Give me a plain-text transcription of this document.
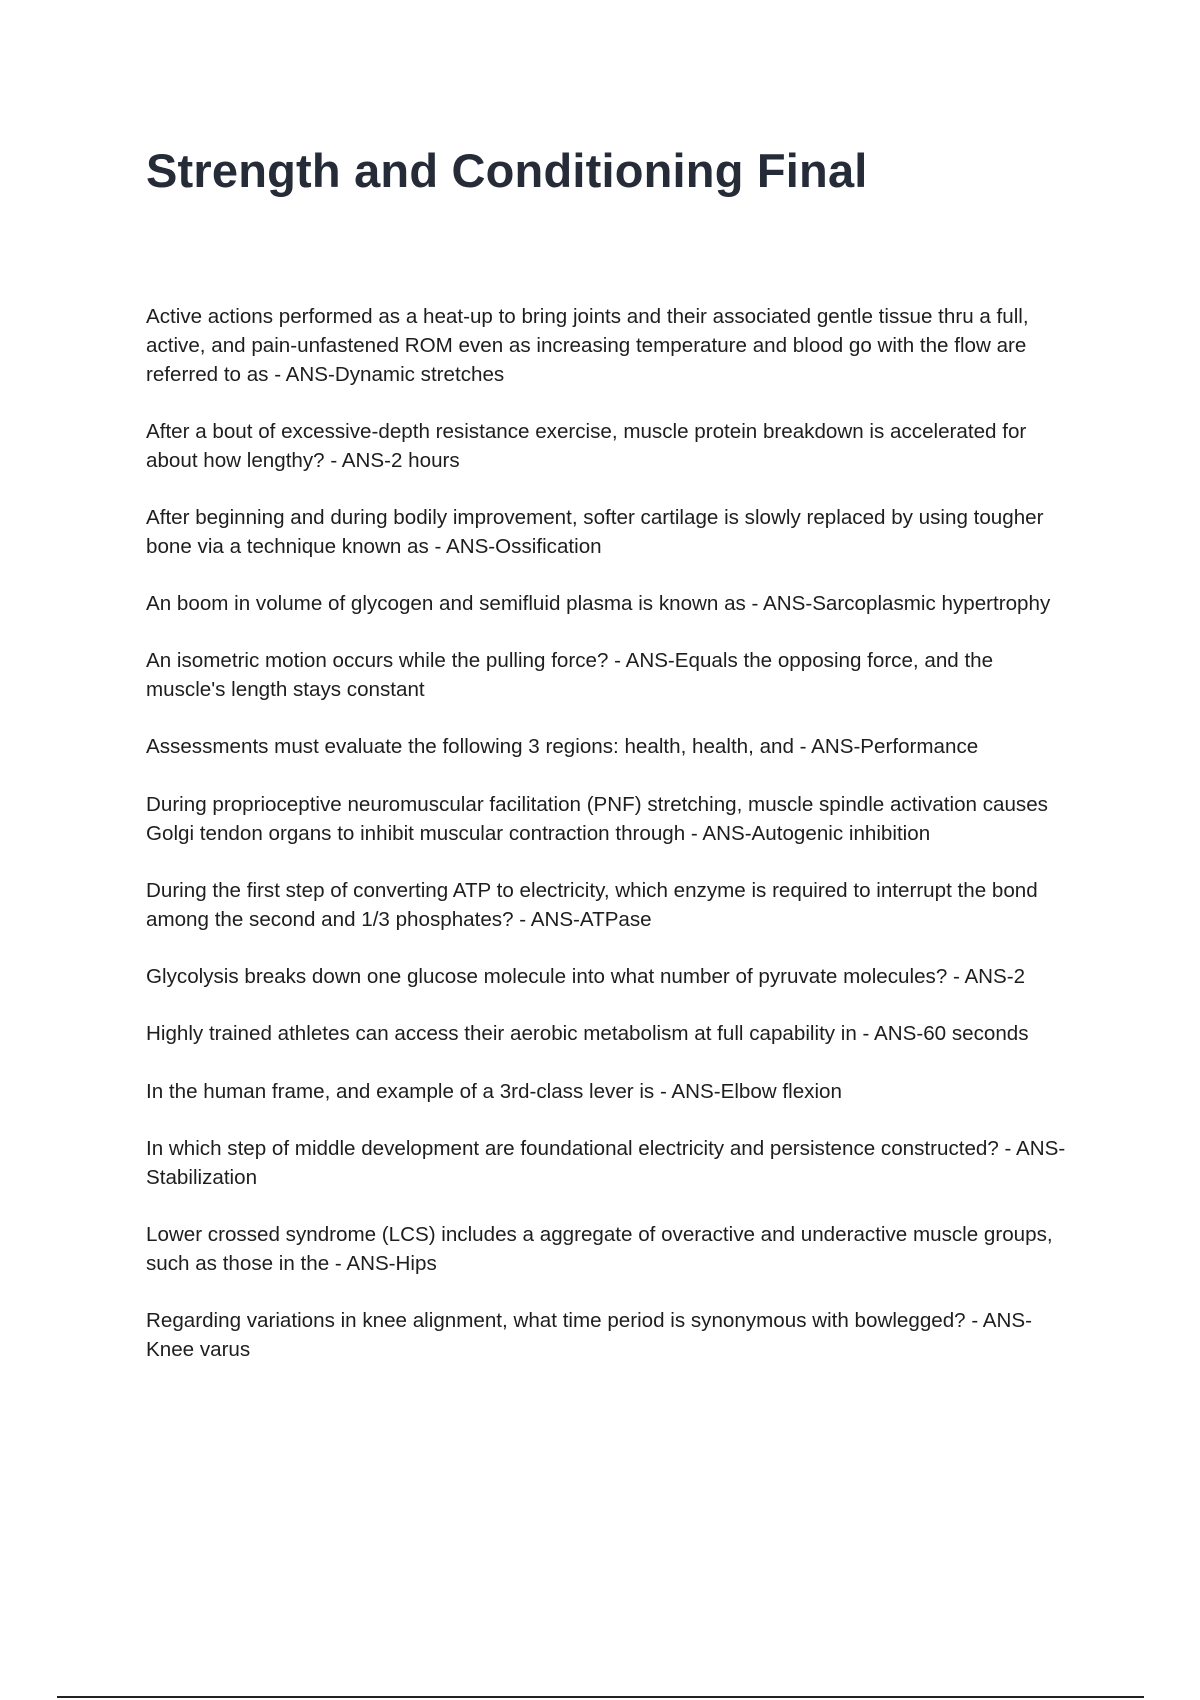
Strength and Conditioning Final
Active actions performed as a heat-up to bring joints and their associated gentle tissue thru a full, active, and pain-unfastened ROM even as increasing temperature and blood go with the flow are referred to as - ANS-Dynamic stretches
After a bout of excessive-depth resistance exercise, muscle protein breakdown is accelerated for about how lengthy? - ANS-2 hours
After beginning and during bodily improvement, softer cartilage is slowly replaced by using tougher bone via a technique known as - ANS-Ossification
An boom in volume of glycogen and semifluid plasma is known as - ANS-Sarcoplasmic hypertrophy
An isometric motion occurs while the pulling force? - ANS-Equals the opposing force, and the muscle's length stays constant
Assessments must evaluate the following 3 regions: health, health, and - ANS-Performance
During proprioceptive neuromuscular facilitation (PNF) stretching, muscle spindle activation causes Golgi tendon organs to inhibit muscular contraction through - ANS-Autogenic inhibition
During the first step of converting ATP to electricity, which enzyme is required to interrupt the bond among the second and 1/3 phosphates? - ANS-ATPase
Glycolysis breaks down one glucose molecule into what number of pyruvate molecules? - ANS-2
Highly trained athletes can access their aerobic metabolism at full capability in - ANS-60 seconds
In the human frame, and example of a 3rd-class lever is - ANS-Elbow flexion
In which step of middle development are foundational electricity and persistence constructed? - ANS-Stabilization
Lower crossed syndrome (LCS) includes a aggregate of overactive and underactive muscle groups, such as those in the - ANS-Hips
Regarding variations in knee alignment, what time period is synonymous with bowlegged? - ANS-Knee varus
